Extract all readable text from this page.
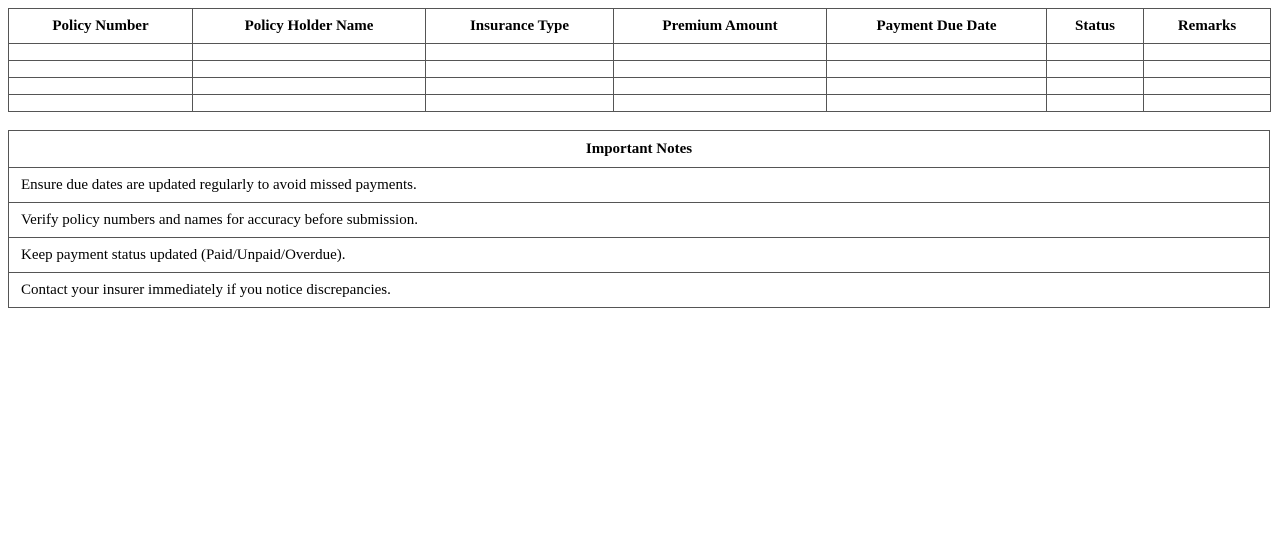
Policy Number	Policy Holder Name	Insurance Type	Premium Amount	Payment Due Date	Status	Remarks

Important Notes
Ensure due dates are updated regularly to avoid missed payments.
Verify policy numbers and names for accuracy before submission.
Keep payment status updated (Paid/Unpaid/Overdue).
Contact your insurer immediately if you notice discrepancies.
